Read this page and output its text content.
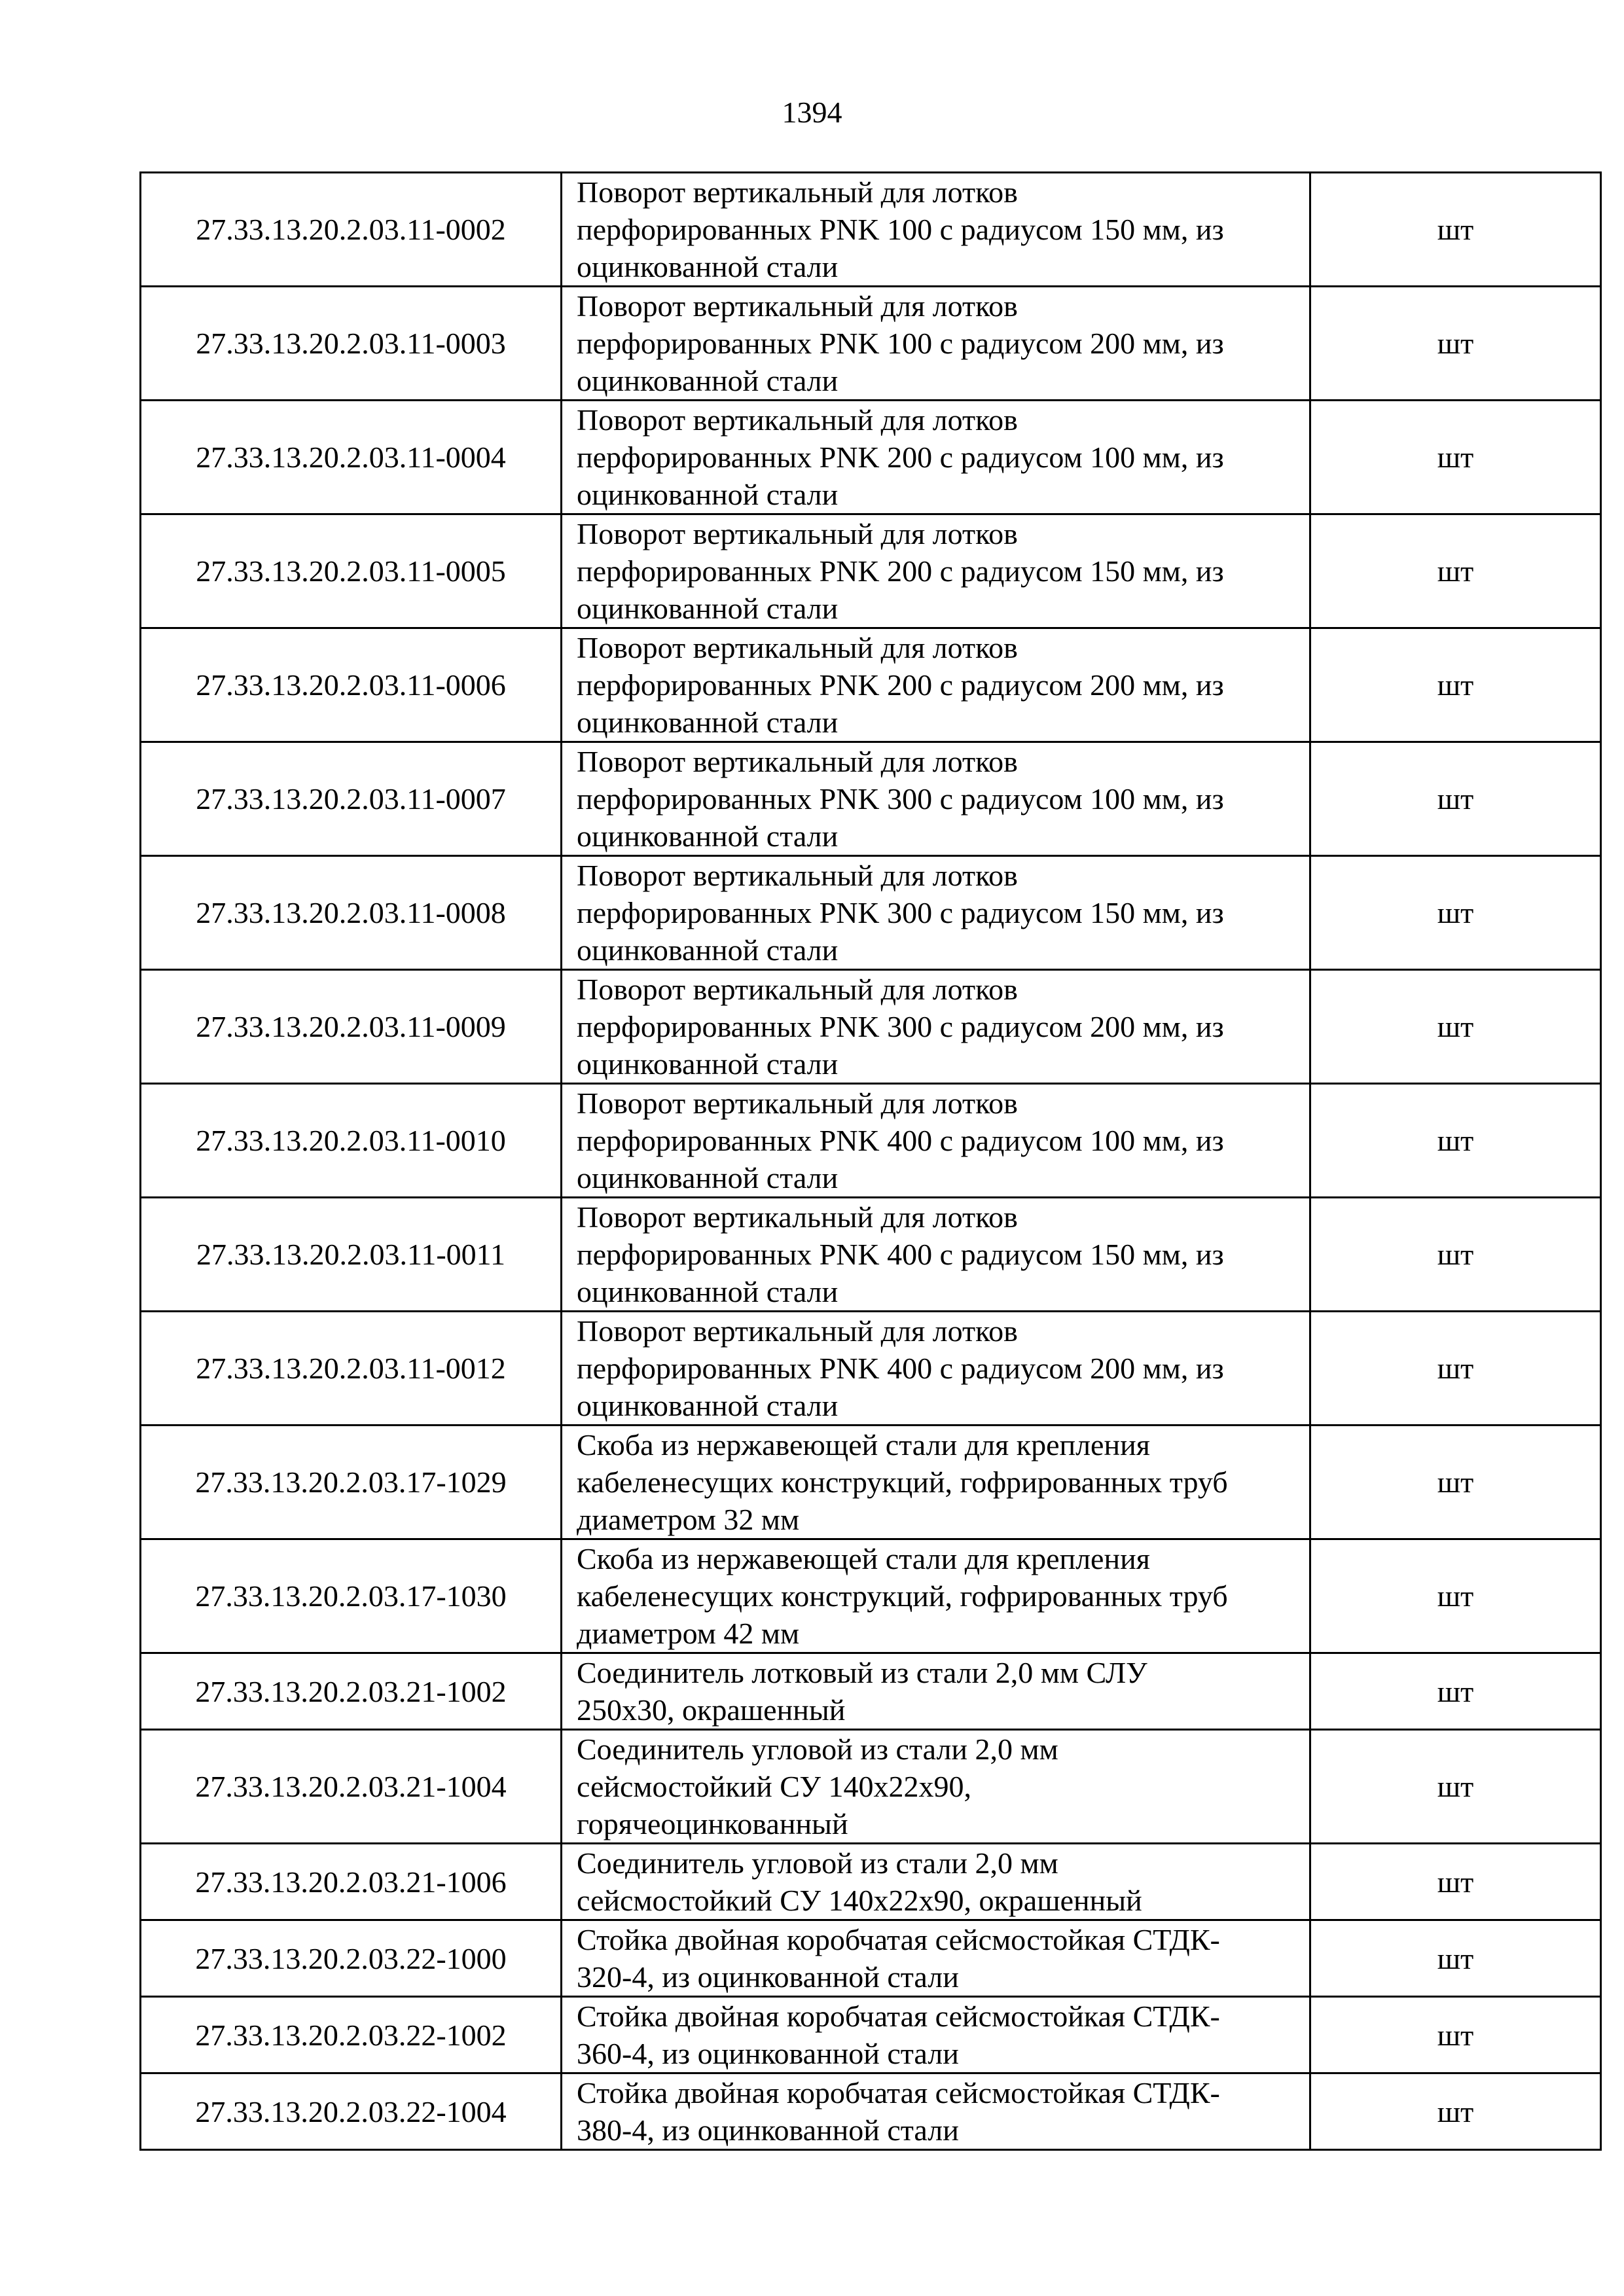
1394
27.33.13.20.2.03.11-0002	Поворот вертикальный для лотков
перфорированных PNK 100 с радиусом 150 мм, из
оцинкованной стали	шт
27.33.13.20.2.03.11-0003	Поворот вертикальный для лотков
перфорированных PNK 100 с радиусом 200 мм, из
оцинкованной стали	шт
27.33.13.20.2.03.11-0004	Поворот вертикальный для лотков
перфорированных PNK 200 с радиусом 100 мм, из
оцинкованной стали	шт
27.33.13.20.2.03.11-0005	Поворот вертикальный для лотков
перфорированных PNK 200 с радиусом 150 мм, из
оцинкованной стали	шт
27.33.13.20.2.03.11-0006	Поворот вертикальный для лотков
перфорированных PNK 200 с радиусом 200 мм, из
оцинкованной стали	шт
27.33.13.20.2.03.11-0007	Поворот вертикальный для лотков
перфорированных PNK 300 с радиусом 100 мм, из
оцинкованной стали	шт
27.33.13.20.2.03.11-0008	Поворот вертикальный для лотков
перфорированных PNK 300 с радиусом 150 мм, из
оцинкованной стали	шт
27.33.13.20.2.03.11-0009	Поворот вертикальный для лотков
перфорированных PNK 300 с радиусом 200 мм, из
оцинкованной стали	шт
27.33.13.20.2.03.11-0010	Поворот вертикальный для лотков
перфорированных PNK 400 с радиусом 100 мм, из
оцинкованной стали	шт
27.33.13.20.2.03.11-0011	Поворот вертикальный для лотков
перфорированных PNK 400 с радиусом 150 мм, из
оцинкованной стали	шт
27.33.13.20.2.03.11-0012	Поворот вертикальный для лотков
перфорированных PNK 400 с радиусом 200 мм, из
оцинкованной стали	шт
27.33.13.20.2.03.17-1029	Скоба из нержавеющей стали для крепления
кабеленесущих конструкций, гофрированных труб
диаметром 32 мм	шт
27.33.13.20.2.03.17-1030	Скоба из нержавеющей стали для крепления
кабеленесущих конструкций, гофрированных труб
диаметром 42 мм	шт
27.33.13.20.2.03.21-1002	Соединитель лотковый из стали 2,0 мм СЛУ
250x30, окрашенный	шт
27.33.13.20.2.03.21-1004	Соединитель угловой из стали 2,0 мм
сейсмостойкий СУ 140x22x90,
горячеоцинкованный	шт
27.33.13.20.2.03.21-1006	Соединитель угловой из стали 2,0 мм
сейсмостойкий СУ 140x22x90, окрашенный	шт
27.33.13.20.2.03.22-1000	Стойка двойная коробчатая сейсмостойкая СТДК-
320-4, из оцинкованной стали	шт
27.33.13.20.2.03.22-1002	Стойка двойная коробчатая сейсмостойкая СТДК-
360-4, из оцинкованной стали	шт
27.33.13.20.2.03.22-1004	Стойка двойная коробчатая сейсмостойкая СТДК-
380-4, из оцинкованной стали	шт
